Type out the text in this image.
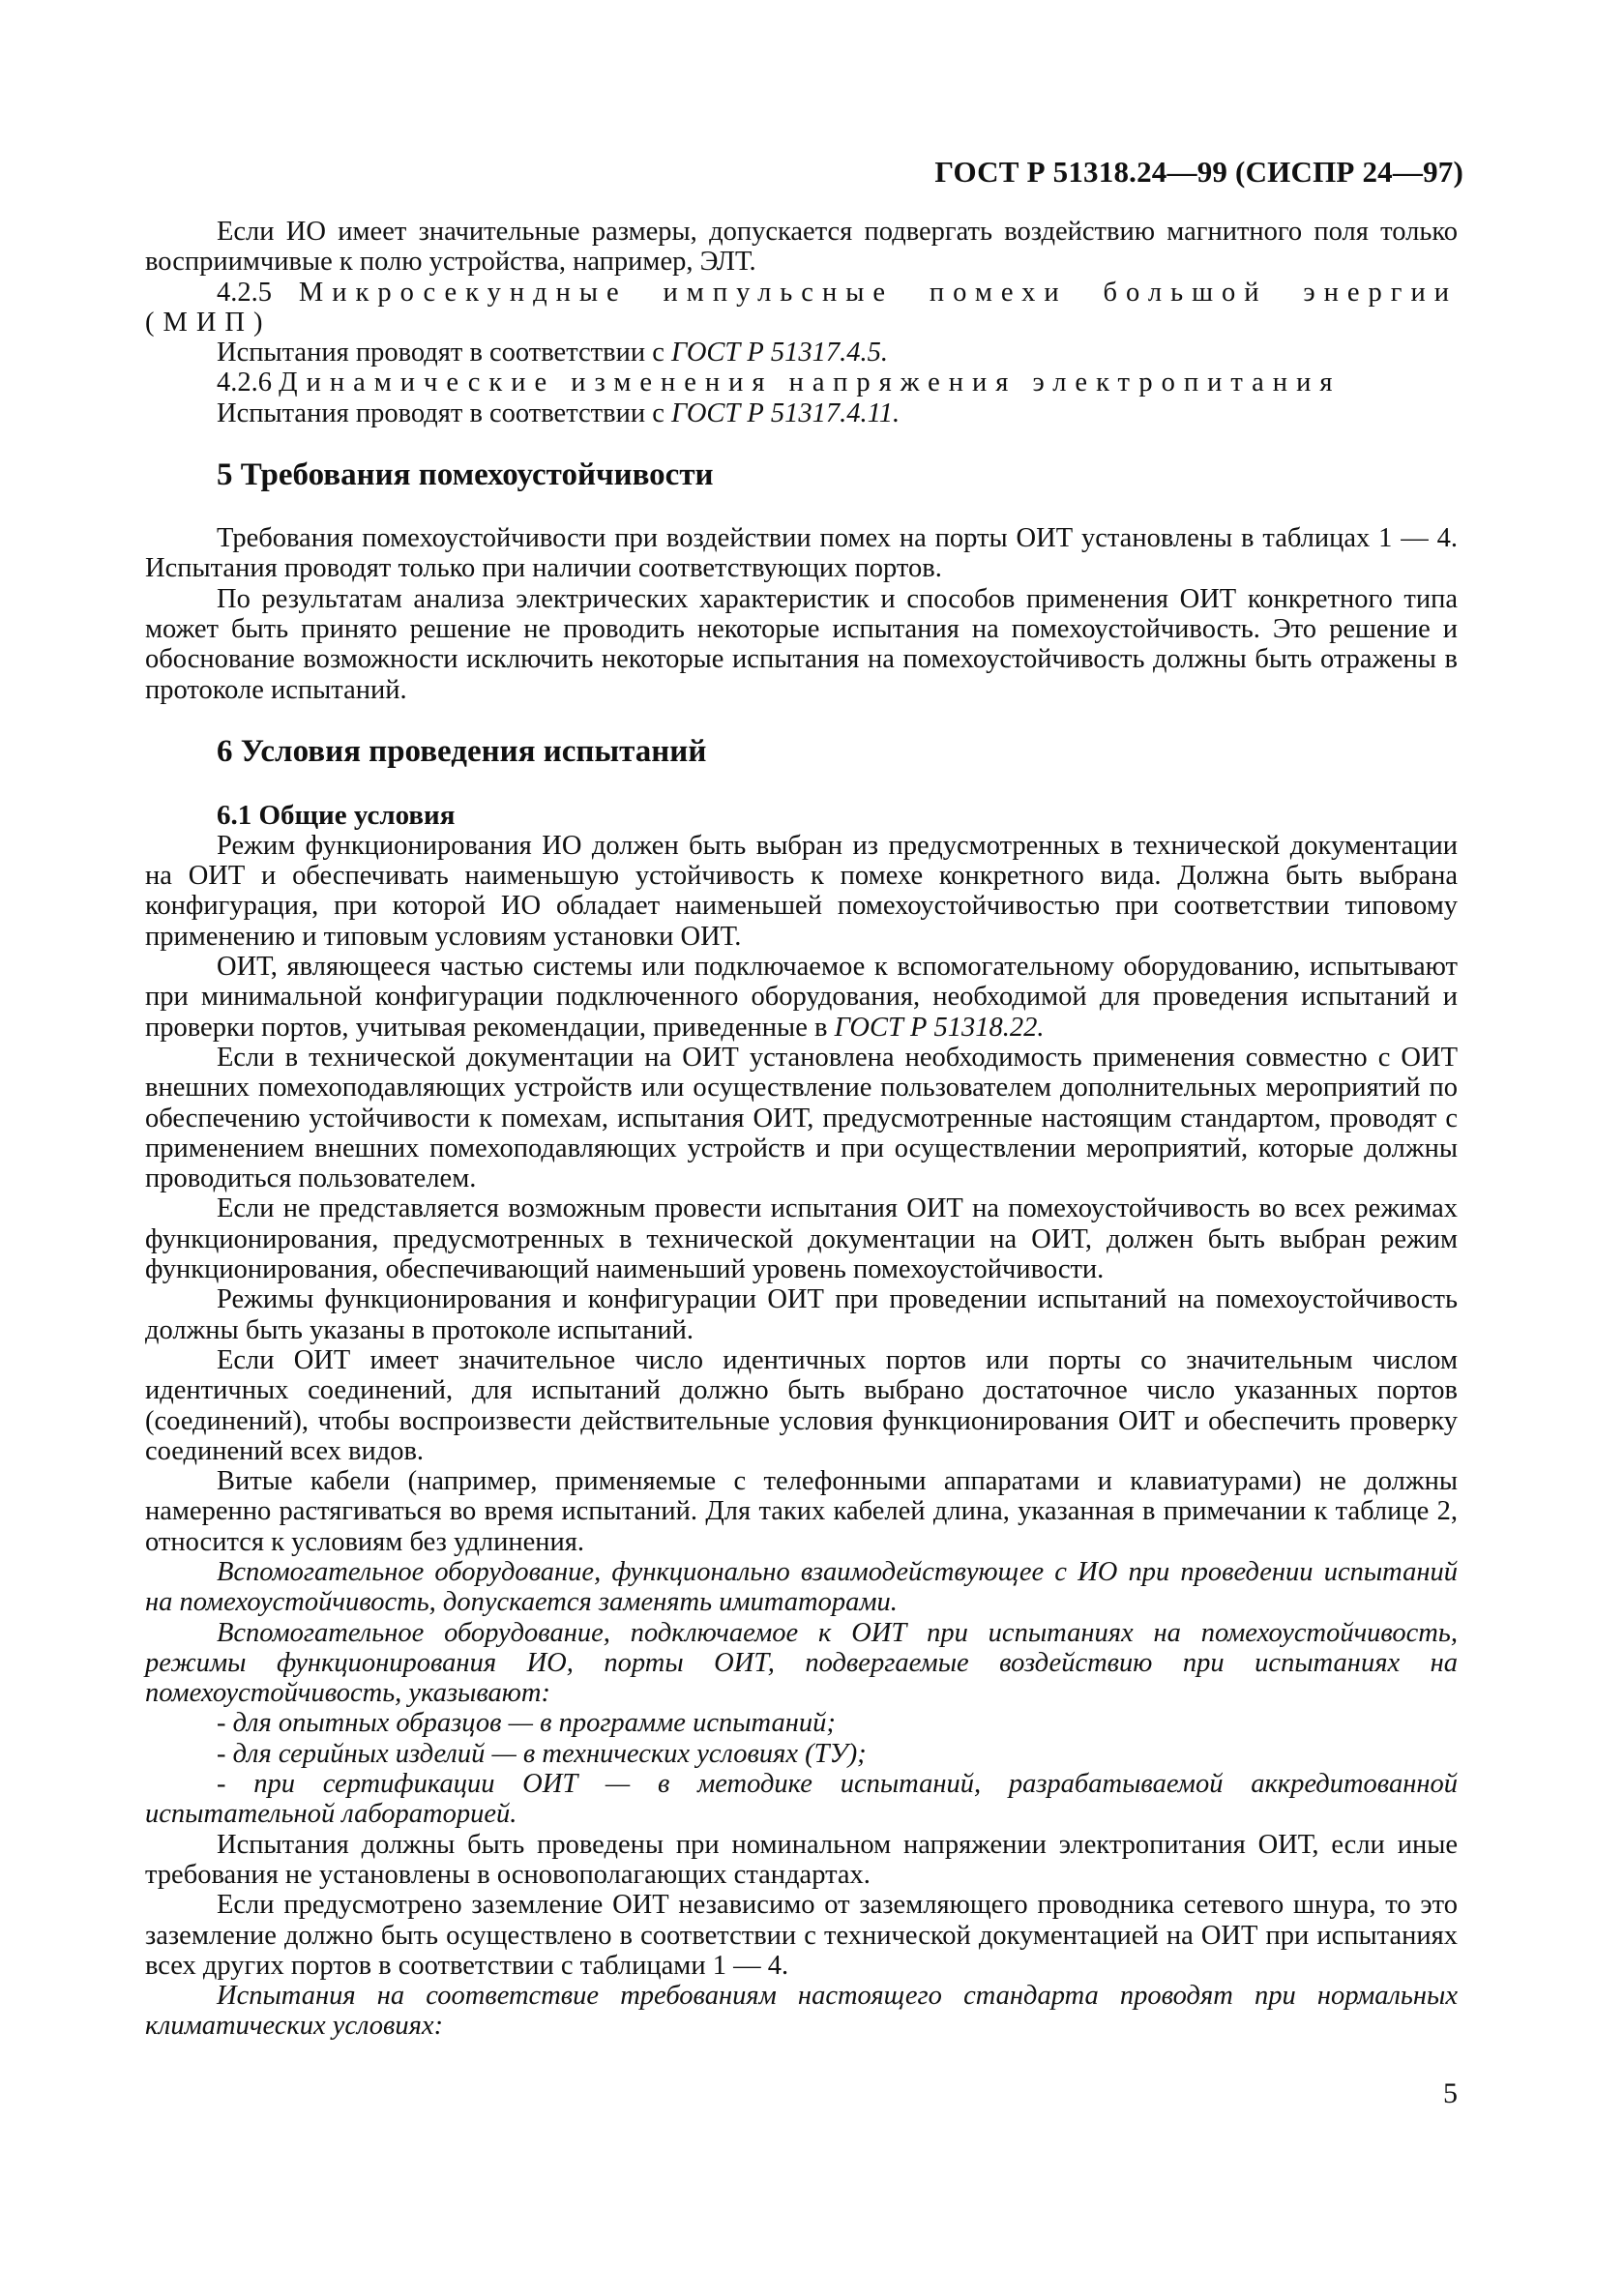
ГОСТ Р 51318.24—99 (СИСПР 24—97)

Если ИО имеет значительные размеры, допускается подвергать воздействию магнитного поля только восприимчивые к полю устройства, например, ЭЛТ.

4.2.5 Микросекундные импульсные помехи большой энергии (МИП)

Испытания проводят в соответствии с ГОСТ Р 51317.4.5.

4.2.6 Динамические изменения напряжения электропитания

Испытания проводят в соответствии с ГОСТ Р 51317.4.11.

5 Требования помехоустойчивости

Требования помехоустойчивости при воздействии помех на порты ОИТ установлены в таблицах 1 — 4. Испытания проводят только при наличии соответствующих портов.

По результатам анализа электрических характеристик и способов применения ОИТ конкретного типа может быть принято решение не проводить некоторые испытания на помехоустойчивость. Это решение и обоснование возможности исключить некоторые испытания на помехоустойчивость должны быть отражены в протоколе испытаний.

6 Условия проведения испытаний
6.1 Общие условия

Режим функционирования ИО должен быть выбран из предусмотренных в технической документации на ОИТ и обеспечивать наименьшую устойчивость к помехе конкретного вида. Должна быть выбрана конфигурация, при которой ИО обладает наименьшей помехоустойчивостью при соответствии типовому применению и типовым условиям установки ОИТ.

ОИТ, являющееся частью системы или подключаемое к вспомогательному оборудованию, испытывают при минимальной конфигурации подключенного оборудования, необходимой для проведения испытаний и проверки портов, учитывая рекомендации, приведенные в ГОСТ Р 51318.22.

Если в технической документации на ОИТ установлена необходимость применения совместно с ОИТ внешних помехоподавляющих устройств или осуществление пользователем дополнительных мероприятий по обеспечению устойчивости к помехам, испытания ОИТ, предусмотренные настоящим стандартом, проводят с применением внешних помехоподавляющих устройств и при осуществлении мероприятий, которые должны проводиться пользователем.

Если не представляется возможным провести испытания ОИТ на помехоустойчивость во всех режимах функционирования, предусмотренных в технической документации на ОИТ, должен быть выбран режим функционирования, обеспечивающий наименьший уровень помехоустойчивости.

Режимы функционирования и конфигурации ОИТ при проведении испытаний на помехоустойчивость должны быть указаны в протоколе испытаний.

Если ОИТ имеет значительное число идентичных портов или порты со значительным числом идентичных соединений, для испытаний должно быть выбрано достаточное число указанных портов (соединений), чтобы воспроизвести действительные условия функционирования ОИТ и обеспечить проверку соединений всех видов.

Витые кабели (например, применяемые с телефонными аппаратами и клавиатурами) не должны намеренно растягиваться во время испытаний. Для таких кабелей длина, указанная в примечании к таблице 2, относится к условиям без удлинения.

Вспомогательное оборудование, функционально взаимодействующее с ИО при проведении испытаний на помехоустойчивость, допускается заменять имитаторами.

Вспомогательное оборудование, подключаемое к ОИТ при испытаниях на помехоустойчивость, режимы функционирования ИО, порты ОИТ, подвергаемые воздействию при испытаниях на помехоустойчивость, указывают:

- для опытных образцов — в программе испытаний;

- для серийных изделий — в технических условиях (ТУ);

- при сертификации ОИТ — в методике испытаний, разрабатываемой аккредитованной испытательной лабораторией.

Испытания должны быть проведены при номинальном напряжении электропитания ОИТ, если иные требования не установлены в основополагающих стандартах.

Если предусмотрено заземление ОИТ независимо от заземляющего проводника сетевого шнура, то это заземление должно быть осуществлено в соответствии с технической документацией на ОИТ при испытаниях всех других портов в соответствии с таблицами 1 — 4.

Испытания на соответствие требованиям настоящего стандарта проводят при нормальных климатических условиях:

5
